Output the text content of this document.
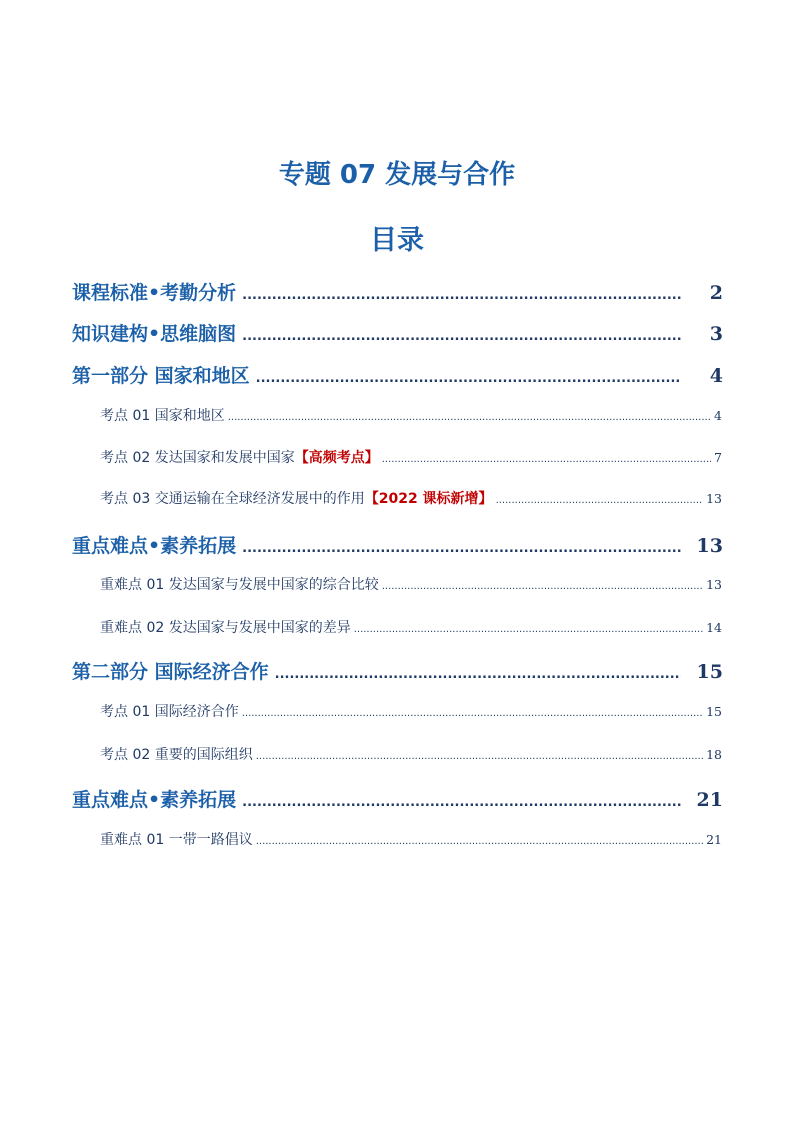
专题 07 发展与合作
目录
课程标准•考勤分析 .....	2
知识建构•思维脑图 .....	3
第一部分 国家和地区 .....	4
考点 01 国家和地区 .....	4
考点 02 发达国家和发展中国家 【高频考点】 .....	7
考点 03 交通运输在全球经济发展中的作用 【2022 课标新增】 .....	13
重点难点•素养拓展 .....	13
重难点 01 发达国家与发展中国家的综合比较 .....	13
重难点 02 发达国家与发展中国家的差异 .....	14
第二部分 国际经济合作 .....	15
考点 01 国际经济合作 .....	15
考点 02 重要的国际组织 .....	18
重点难点•素养拓展 .....	21
重难点 01 一带一路倡议 .....	21
